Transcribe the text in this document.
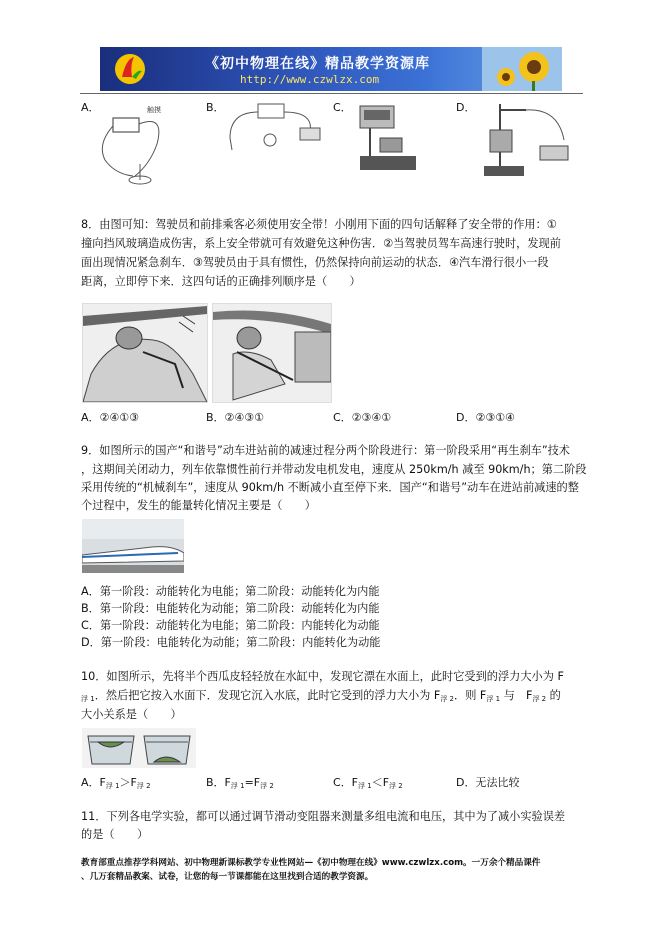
《初中物理在线》精品教学资源库
http://www.czwlzx.com
A．	触摸	B．	C．	D．
8．由图可知：驾驶员和前排乘客必须使用安全带！小刚用下面的四句话解释了安全带的作用：①
撞向挡风玻璃造成伤害，系上安全带就可有效避免这种伤害．②当驾驶员驾车高速行驶时，发现前
面出现情况紧急刹车．③驾驶员由于具有惯性，仍然保持向前运动的状态．④汽车滑行很小一段
距离，立即停下来．这四句话的正确排列顺序是（　　）
A．②④①③	B．②④③①	C．②③④①	D．②③①④
9．如图所示的国产“和谐号”动车进站前的减速过程分两个阶段进行：第一阶段采用“再生刹车”技术
，这期间关闭动力，列车依靠惯性前行并带动发电机发电，速度从 250km/h 减至 90km/h；第二阶段
采用传统的“机械刹车”，速度从 90km/h 不断减小直至停下来．国产“和谐号”动车在进站前减速的整
个过程中，发生的能量转化情况主要是（　　）
A．第一阶段：动能转化为电能；第二阶段：动能转化为内能
B．第一阶段：电能转化为动能；第二阶段：动能转化为内能
C．第一阶段：动能转化为电能；第二阶段：内能转化为动能
D．第一阶段：电能转化为动能；第二阶段：内能转化为动能
10．如图所示，先将半个西瓜皮轻轻放在水缸中，发现它漂在水面上，此时它受到的浮力大小为 F
$_{浮 1}$．然后把它按入水面下．发现它沉入水底，此时它受到的浮力大小为 $F_{浮 2}$．则 $F_{浮 1}$ 与　$F_{浮 2}$ 的
大小关系是（　　）
A．$F_{浮 1}>F_{浮 2}$	B．$F_{浮 1}=F_{浮 2}$	C．$F_{浮 1}<F_{浮 2}$	D．无法比较
11．下列各电学实验，都可以通过调节滑动变阻器来测量多组电流和电压，其中为了减小实验误差
的是（　　）
教育部重点推荐学科网站、初中物理新课标教学专业性网站—《初中物理在线》www.czwlzx.com。一万余个精品课件
、几万套精品教案、试卷，让您的每一节课都能在这里找到合适的教学资源。
